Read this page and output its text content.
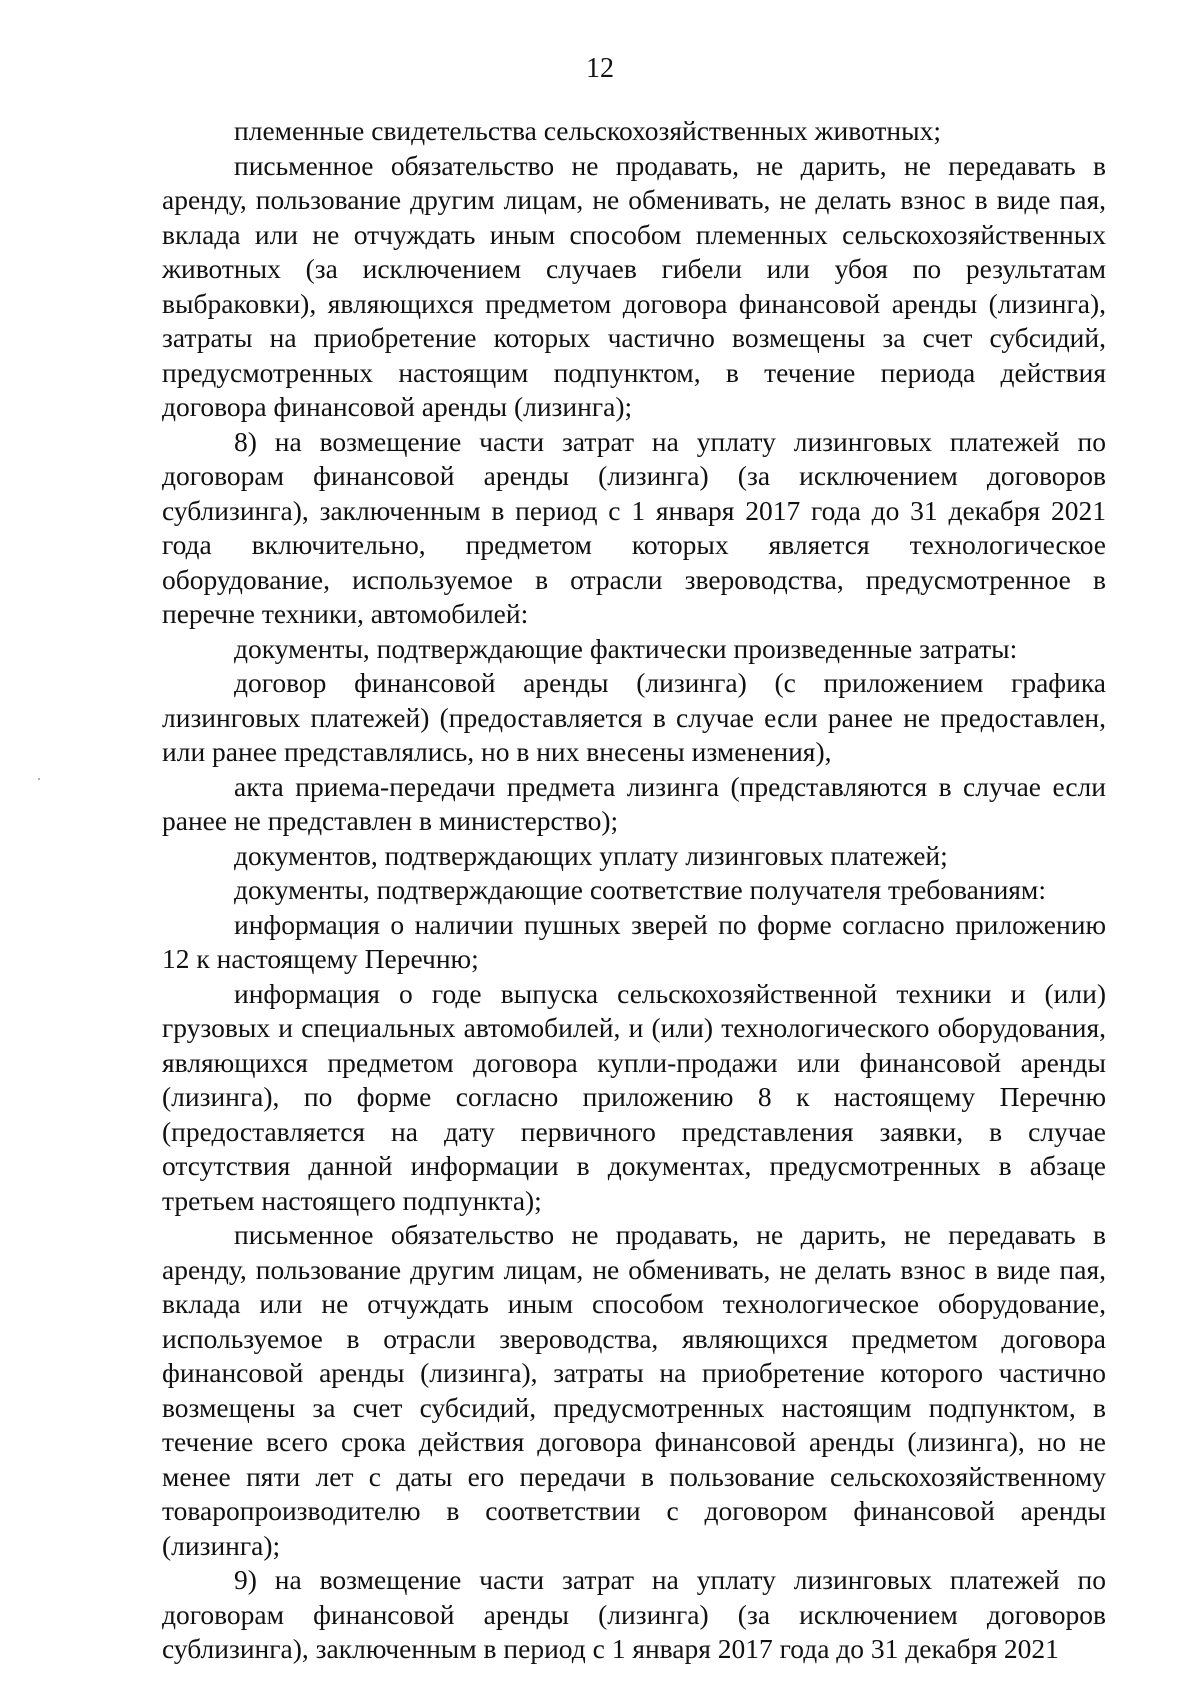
12

племенные свидетельства сельскохозяйственных животных;

письменное обязательство не продавать, не дарить, не передавать в аренду, пользование другим лицам, не обменивать, не делать взнос в виде пая, вклада или не отчуждать иным способом племенных сельскохозяйственных животных (за исключением случаев гибели или убоя по результатам выбраковки), являющихся предметом договора финансовой аренды (лизинга), затраты на приобретение которых частично возмещены за счет субсидий, предусмотренных настоящим подпунктом, в течение периода действия договора финансовой аренды (лизинга);

8) на возмещение части затрат на уплату лизинговых платежей по договорам финансовой аренды (лизинга) (за исключением договоров сублизинга), заключенным в период с 1 января 2017 года до 31 декабря 2021 года включительно, предметом которых является технологическое оборудование, используемое в отрасли звероводства, предусмотренное в перечне техники, автомобилей:

документы, подтверждающие фактически произведенные затраты:

договор финансовой аренды (лизинга) (с приложением графика лизинговых платежей) (предоставляется в случае если ранее не предоставлен, или ранее представлялись, но в них внесены изменения),

акта приема-передачи предмета лизинга (представляются в случае если ранее не представлен в министерство);

документов, подтверждающих уплату лизинговых платежей;

документы, подтверждающие соответствие получателя требованиям:

информация о наличии пушных зверей по форме согласно приложению 12 к настоящему Перечню;

информация о годе выпуска сельскохозяйственной техники и (или) грузовых и специальных автомобилей, и (или) технологического оборудования, являющихся предметом договора купли-продажи или финансовой аренды (лизинга), по форме согласно приложению 8 к настоящему Перечню (предоставляется на дату первичного представления заявки, в случае отсутствия данной информации в документах, предусмотренных в абзаце третьем настоящего подпункта);

письменное обязательство не продавать, не дарить, не передавать в аренду, пользование другим лицам, не обменивать, не делать взнос в виде пая, вклада или не отчуждать иным способом технологическое оборудование, используемое в отрасли звероводства, являющихся предметом договора финансовой аренды (лизинга), затраты на приобретение которого частично возмещены за счет субсидий, предусмотренных настоящим подпунктом, в течение всего срока действия договора финансовой аренды (лизинга), но не менее пяти лет с даты его передачи в пользование сельскохозяйственному товаропроизводителю в соответствии с договором финансовой аренды (лизинга);

9) на возмещение части затрат на уплату лизинговых платежей по договорам финансовой аренды (лизинга) (за исключением договоров сублизинга), заключенным в период с 1 января 2017 года до 31 декабря 2021
